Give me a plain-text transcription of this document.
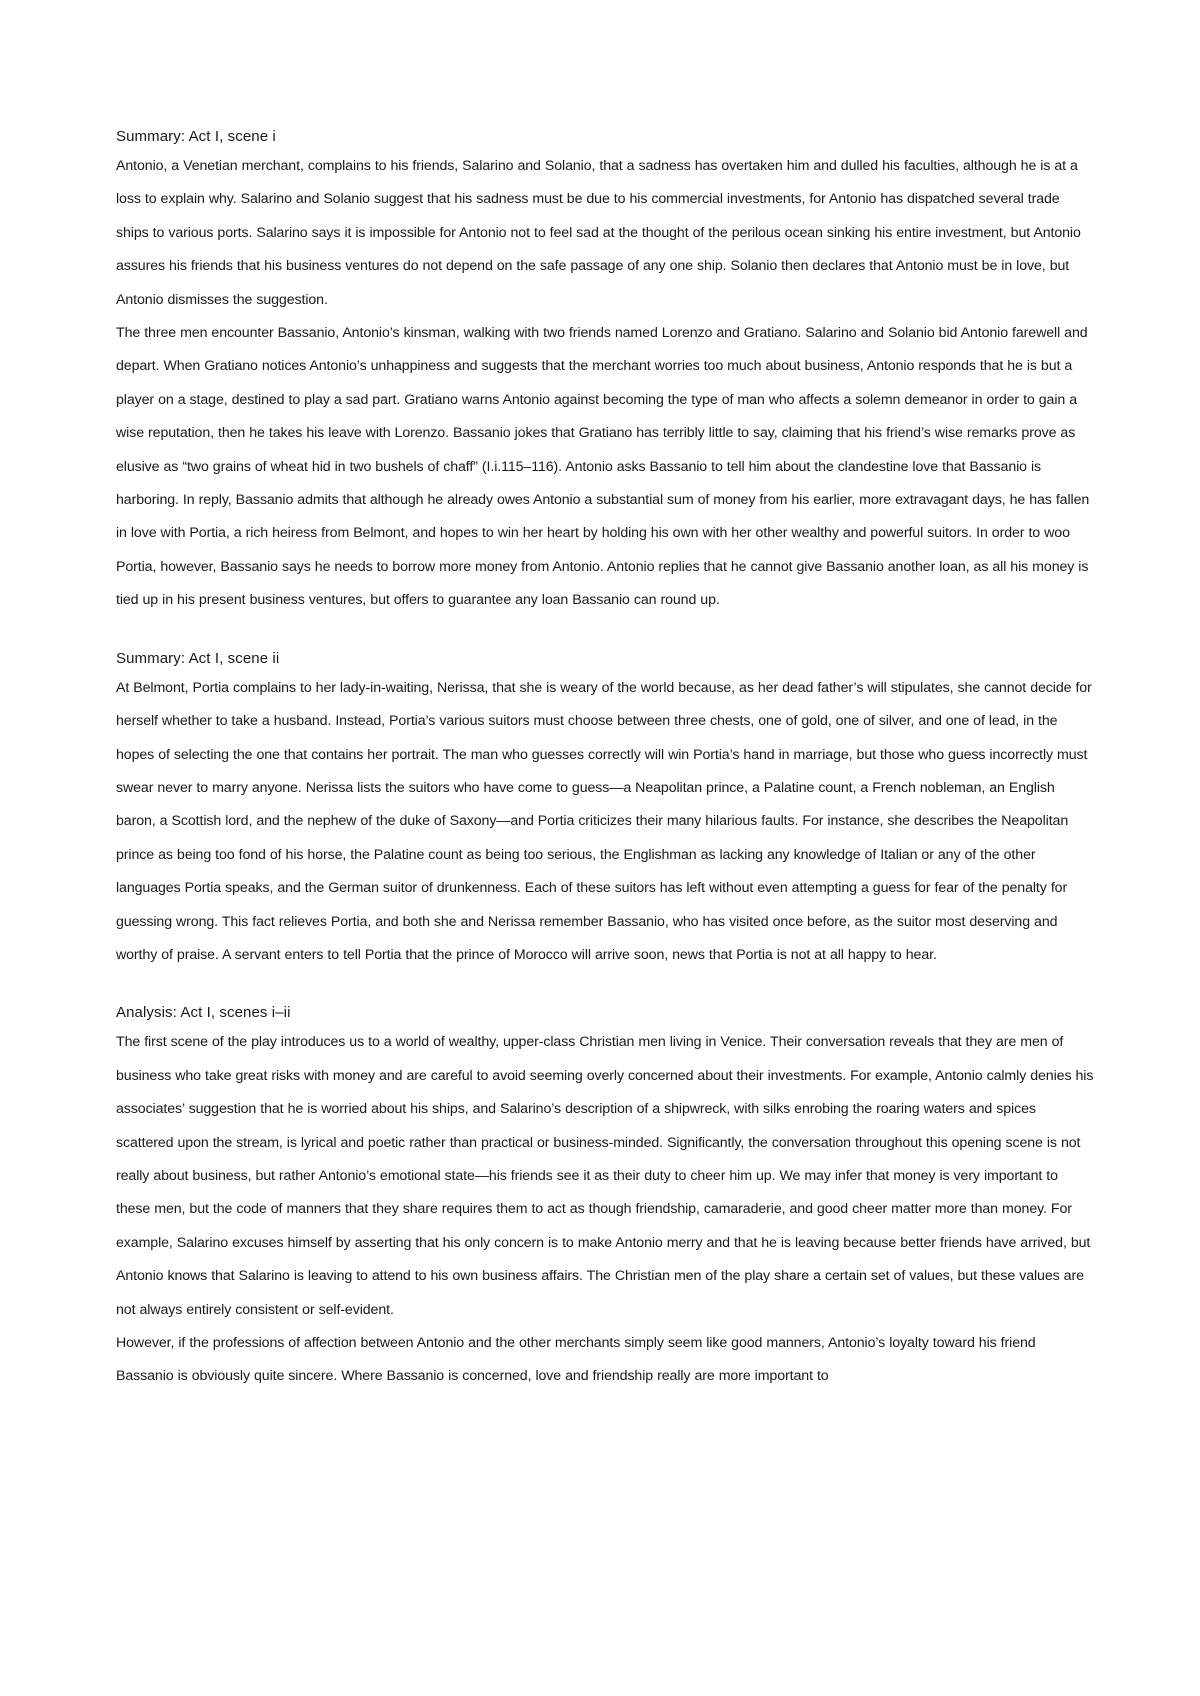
Summary: Act I, scene i

Antonio, a Venetian merchant, complains to his friends, Salarino and Solanio, that a sadness has overtaken him and dulled his faculties, although he is at a loss to explain why. Salarino and Solanio suggest that his sadness must be due to his commercial investments, for Antonio has dispatched several trade ships to various ports. Salarino says it is impossible for Antonio not to feel sad at the thought of the perilous ocean sinking his entire investment, but Antonio assures his friends that his business ventures do not depend on the safe passage of any one ship. Solanio then declares that Antonio must be in love, but Antonio dismisses the suggestion.

The three men encounter Bassanio, Antonio’s kinsman, walking with two friends named Lorenzo and Gratiano. Salarino and Solanio bid Antonio farewell and depart. When Gratiano notices Antonio’s unhappiness and suggests that the merchant worries too much about business, Antonio responds that he is but a player on a stage, destined to play a sad part. Gratiano warns Antonio against becoming the type of man who affects a solemn demeanor in order to gain a wise reputation, then he takes his leave with Lorenzo. Bassanio jokes that Gratiano has terribly little to say, claiming that his friend’s wise remarks prove as elusive as “two grains of wheat hid in two bushels of chaff” (I.i.115–116). Antonio asks Bassanio to tell him about the clandestine love that Bassanio is harboring. In reply, Bassanio admits that although he already owes Antonio a substantial sum of money from his earlier, more extravagant days, he has fallen in love with Portia, a rich heiress from Belmont, and hopes to win her heart by holding his own with her other wealthy and powerful suitors. In order to woo Portia, however, Bassanio says he needs to borrow more money from Antonio. Antonio replies that he cannot give Bassanio another loan, as all his money is tied up in his present business ventures, but offers to guarantee any loan Bassanio can round up.

Summary: Act I, scene ii

At Belmont, Portia complains to her lady-in-waiting, Nerissa, that she is weary of the world because, as her dead father’s will stipulates, she cannot decide for herself whether to take a husband. Instead, Portia’s various suitors must choose between three chests, one of gold, one of silver, and one of lead, in the hopes of selecting the one that contains her portrait. The man who guesses correctly will win Portia’s hand in marriage, but those who guess incorrectly must swear never to marry anyone. Nerissa lists the suitors who have come to guess—a Neapolitan prince, a Palatine count, a French nobleman, an English baron, a Scottish lord, and the nephew of the duke of Saxony—and Portia criticizes their many hilarious faults. For instance, she describes the Neapolitan prince as being too fond of his horse, the Palatine count as being too serious, the Englishman as lacking any knowledge of Italian or any of the other languages Portia speaks, and the German suitor of drunkenness. Each of these suitors has left without even attempting a guess for fear of the penalty for guessing wrong. This fact relieves Portia, and both she and Nerissa remember Bassanio, who has visited once before, as the suitor most deserving and worthy of praise. A servant enters to tell Portia that the prince of Morocco will arrive soon, news that Portia is not at all happy to hear.

Analysis: Act I, scenes i–ii

The first scene of the play introduces us to a world of wealthy, upper-class Christian men living in Venice. Their conversation reveals that they are men of business who take great risks with money and are careful to avoid seeming overly concerned about their investments. For example, Antonio calmly denies his associates’ suggestion that he is worried about his ships, and Salarino’s description of a shipwreck, with silks enrobing the roaring waters and spices scattered upon the stream, is lyrical and poetic rather than practical or business-minded. Significantly, the conversation throughout this opening scene is not really about business, but rather Antonio’s emotional state—his friends see it as their duty to cheer him up. We may infer that money is very important to these men, but the code of manners that they share requires them to act as though friendship, camaraderie, and good cheer matter more than money. For example, Salarino excuses himself by asserting that his only concern is to make Antonio merry and that he is leaving because better friends have arrived, but Antonio knows that Salarino is leaving to attend to his own business affairs. The Christian men of the play share a certain set of values, but these values are not always entirely consistent or self-evident.

However, if the professions of affection between Antonio and the other merchants simply seem like good manners, Antonio’s loyalty toward his friend Bassanio is obviously quite sincere. Where Bassanio is concerned, love and friendship really are more important to
